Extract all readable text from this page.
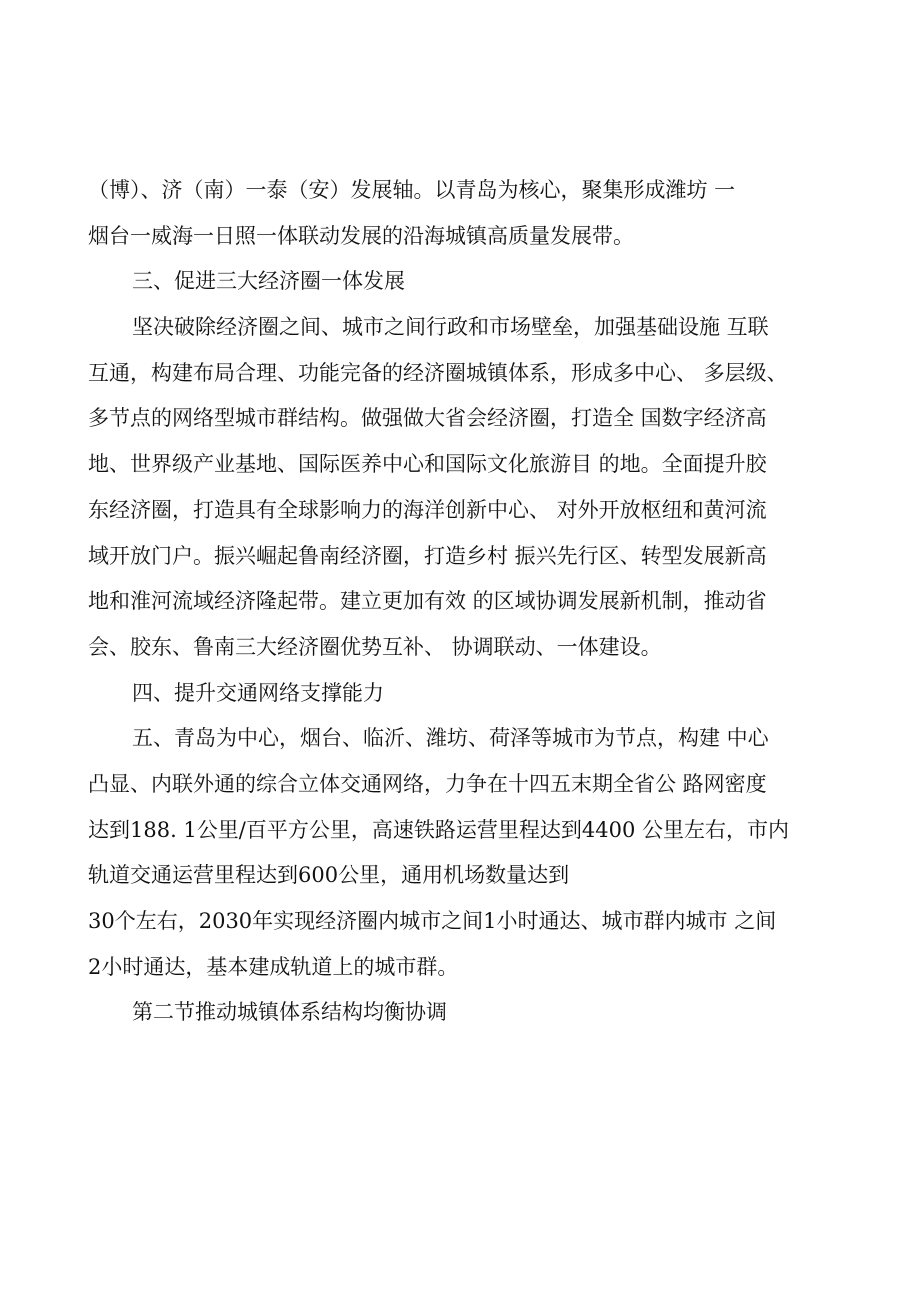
（博）、济（南）一泰（安）发展轴。以青岛为核心，聚集形成潍坊 一
烟台一威海一日照一体联动发展的沿海城镇高质量发展带。
三、促进三大经济圈一体发展
坚决破除经济圈之间、城市之间行政和市场壁垒，加强基础设施 互联
互通，构建布局合理、功能完备的经济圈城镇体系，形成多中心、 多层级、
多节点的网络型城市群结构。做强做大省会经济圈，打造全 国数字经济高
地、世界级产业基地、国际医养中心和国际文化旅游目 的地。全面提升胶
东经济圈，打造具有全球影响力的海洋创新中心、 对外开放枢纽和黄河流
域开放门户。振兴崛起鲁南经济圈，打造乡村 振兴先行区、转型发展新高
地和淮河流域经济隆起带。建立更加有效 的区域协调发展新机制，推动省
会、胶东、鲁南三大经济圈优势互补、 协调联动、一体建设。
四、提升交通网络支撑能力
五、青岛为中心，烟台、临沂、潍坊、荷泽等城市为节点，构建 中心
凸显、内联外通的综合立体交通网络，力争在十四五末期全省公 路网密度
达到188. 1公里/百平方公里，高速铁路运营里程达到4400 公里左右，市内
轨道交通运营里程达到600公里，通用机场数量达到
30个左右，2030年实现经济圈内城市之间1小时通达、城市群内城市 之间
2小时通达，基本建成轨道上的城市群。
第二节推动城镇体系结构均衡协调
